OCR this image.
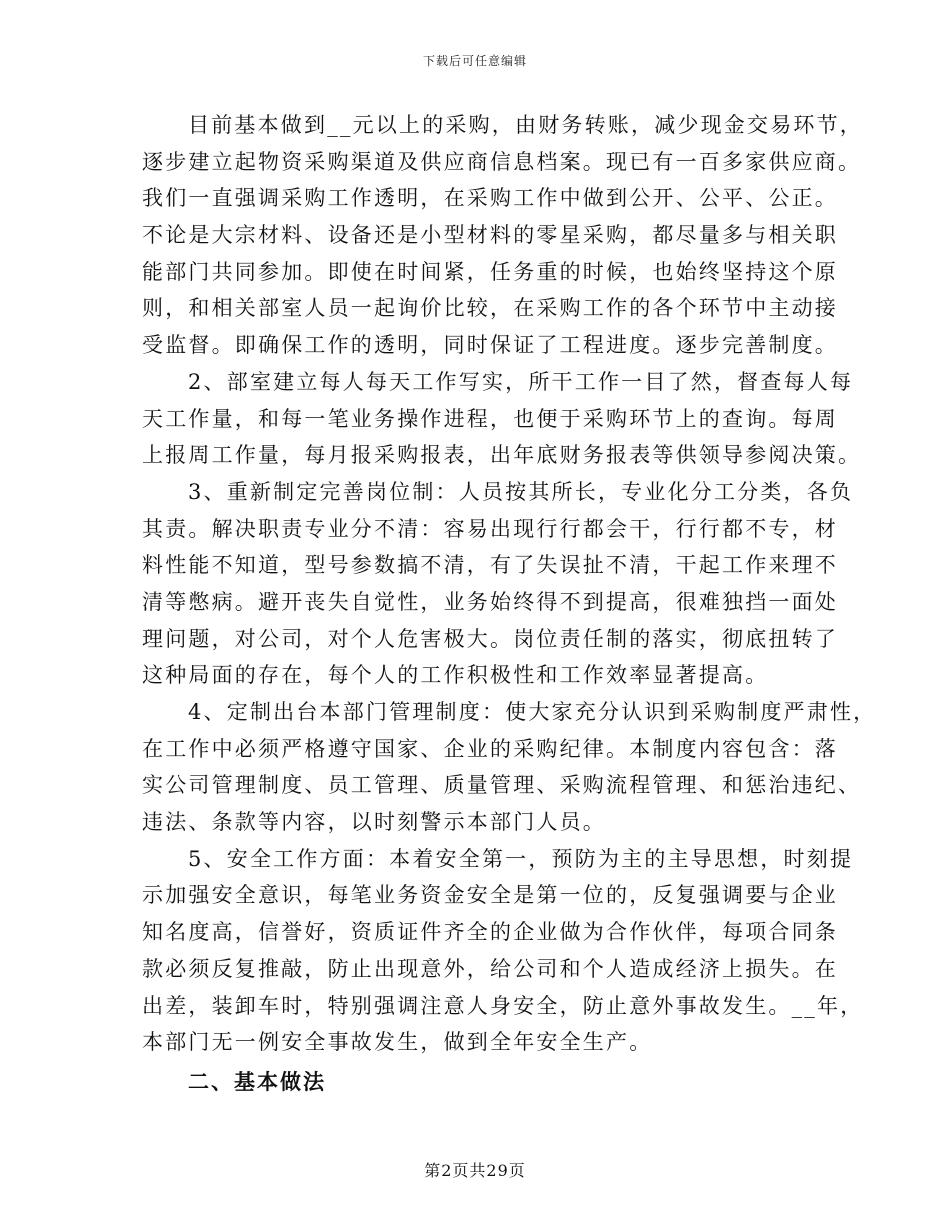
下载后可任意编辑
目前基本做到__元以上的采购，由财务转账，减少现金交易环节，
逐步建立起物资采购渠道及供应商信息档案。现已有一百多家供应商。
我们一直强调采购工作透明，在采购工作中做到公开、公平、公正。
不论是大宗材料、设备还是小型材料的零星采购，都尽量多与相关职
能部门共同参加。即使在时间紧，任务重的时候，也始终坚持这个原
则，和相关部室人员一起询价比较，在采购工作的各个环节中主动接
受监督。即确保工作的透明，同时保证了工程进度。逐步完善制度。
2、部室建立每人每天工作写实，所干工作一目了然，督查每人每
天工作量，和每一笔业务操作进程，也便于采购环节上的查询。每周
上报周工作量，每月报采购报表，出年底财务报表等供领导参阅决策。
3、重新制定完善岗位制：人员按其所长，专业化分工分类，各负
其责。解决职责专业分不清：容易出现行行都会干，行行都不专，材
料性能不知道，型号参数搞不清，有了失误扯不清，干起工作来理不
清等憋病。避开丧失自觉性，业务始终得不到提高，很难独挡一面处
理问题，对公司，对个人危害极大。岗位责任制的落实，彻底扭转了
这种局面的存在，每个人的工作积极性和工作效率显著提高。
4、定制出台本部门管理制度：使大家充分认识到采购制度严肃性，
在工作中必须严格遵守国家、企业的采购纪律。本制度内容包含：落
实公司管理制度、员工管理、质量管理、采购流程管理、和惩治违纪、
违法、条款等内容，以时刻警示本部门人员。
5、安全工作方面：本着安全第一，预防为主的主导思想，时刻提
示加强安全意识，每笔业务资金安全是第一位的，反复强调要与企业
知名度高，信誉好，资质证件齐全的企业做为合作伙伴，每项合同条
款必须反复推敲，防止出现意外，给公司和个人造成经济上损失。在
出差，装卸车时，特别强调注意人身安全，防止意外事故发生。__年，
本部门无一例安全事故发生，做到全年安全生产。
二、基本做法
第2页共29页
